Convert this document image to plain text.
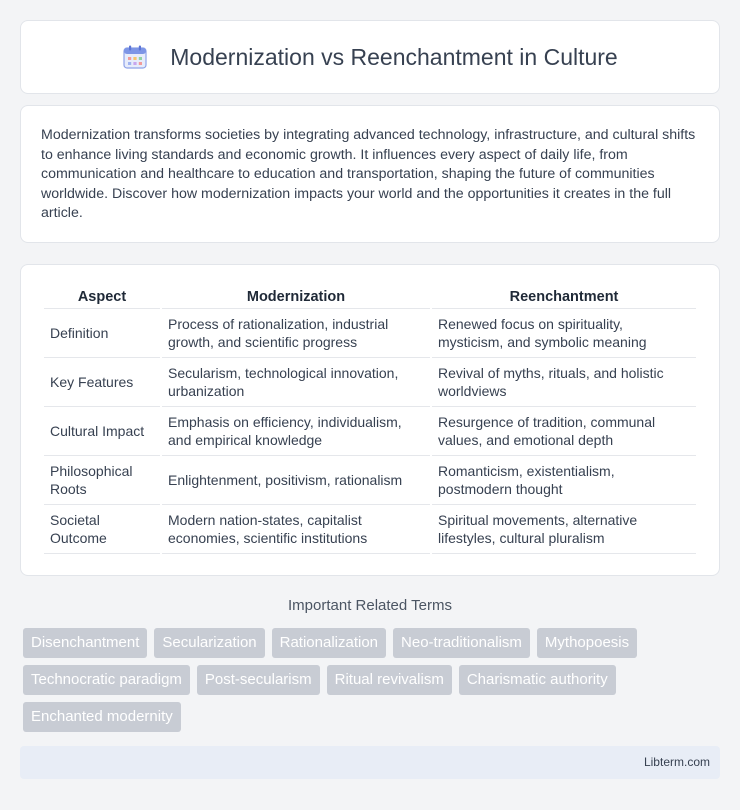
Modernization vs Reenchantment in Culture

Modernization transforms societies by integrating advanced technology, infrastructure, and cultural shifts to enhance living standards and economic growth. It influences every aspect of daily life, from communication and healthcare to education and transportation, shaping the future of communities worldwide. Discover how modernization impacts your world and the opportunities it creates in the full article.

Aspect	Modernization	Reenchantment
Definition	Process of rationalization, industrial growth, and scientific progress	Renewed focus on spirituality, mysticism, and symbolic meaning
Key Features	Secularism, technological innovation, urbanization	Revival of myths, rituals, and holistic worldviews
Cultural Impact	Emphasis on efficiency, individualism, and empirical knowledge	Resurgence of tradition, communal values, and emotional depth
Philosophical Roots	Enlightenment, positivism, rationalism	Romanticism, existentialism, postmodern thought
Societal Outcome	Modern nation-states, capitalist economies, scientific institutions	Spiritual movements, alternative lifestyles, cultural pluralism
Important Related Terms
Disenchantment	Secularization	Rationalization	Neo-traditionalism	Mythopoesis
Technocratic paradigm	Post-secularism	Ritual revivalism	Charismatic authority
Enchanted modernity
Libterm.com
